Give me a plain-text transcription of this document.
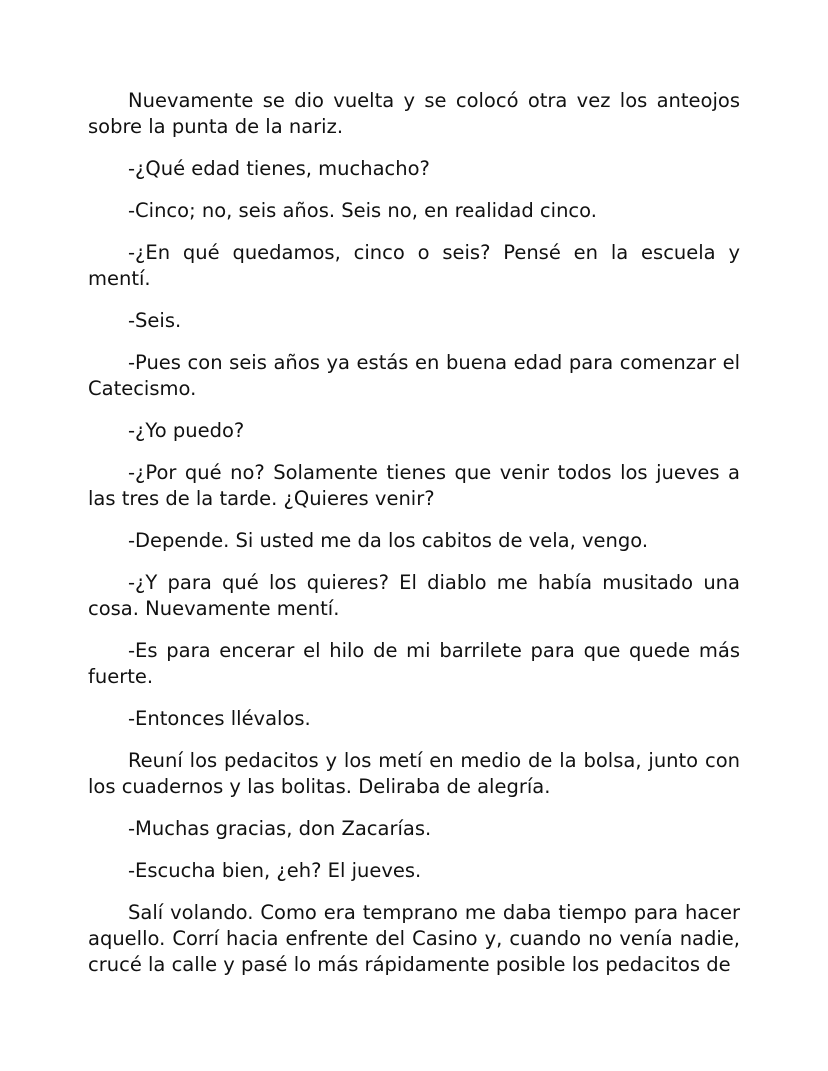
Nuevamente se dio vuelta y se colocó otra vez los anteojos sobre la punta de la nariz.

-¿Qué edad tienes, muchacho?

-Cinco; no, seis años. Seis no, en realidad cinco.

-¿En qué quedamos, cinco o seis? Pensé en la escuela y mentí.

-Seis.

-Pues con seis años ya estás en buena edad para comenzar el Catecismo.

-¿Yo puedo?

-¿Por qué no? Solamente tienes que venir todos los jueves a las tres de la tarde. ¿Quieres venir?

-Depende. Si usted me da los cabitos de vela, vengo.

-¿Y para qué los quieres? El diablo me había musitado una cosa. Nuevamente mentí.

-Es para encerar el hilo de mi barrilete para que quede más fuerte.

-Entonces llévalos.

Reuní los pedacitos y los metí en medio de la bolsa, junto con los cuadernos y las bolitas. Deliraba de alegría.

-Muchas gracias, don Zacarías.

-Escucha bien, ¿eh? El jueves.

Salí volando. Como era temprano me daba tiempo para hacer aquello. Corrí hacia enfrente del Casino y, cuando no venía nadie, crucé la calle y pasé lo más rápidamente posible los pedacitos de
